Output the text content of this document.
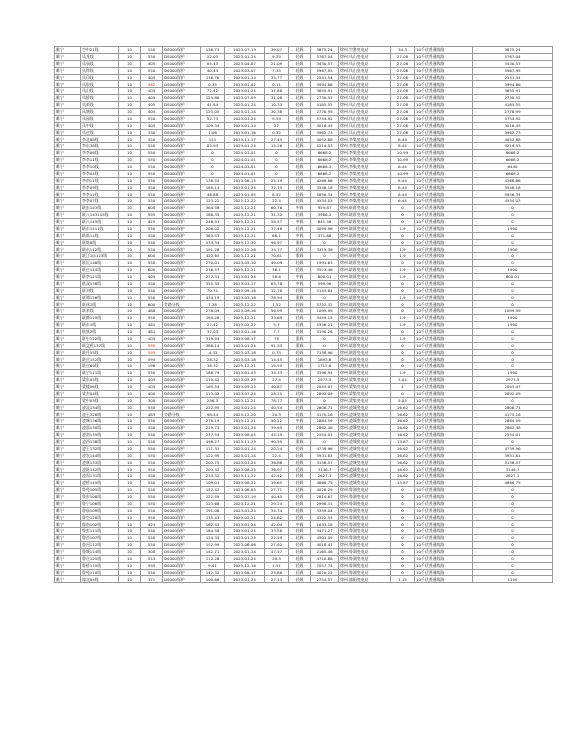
睢宁	空中21线	10	150	DS000保护	136.73	2023-07-13	39.07	轻载	3875.24	徐州.空港变电站	34.3	10千伏普通线路	3875.24
睢宁	凤龙线	10	550	DS000保护	52.03	2023-01-24	9.35	轻载	5767.04	徐州.凤山变电站	27.08	10千伏普通线路	5767.04
睢宁	凤庙线	10	405	DS000保护	85.43	2023-04-07	21.09	轻载	3430.57	徐州.凤山变电站	27.08	10千伏普通线路	3430.57
睢宁	凤徐线	10	550	DS000保护	40.43	2023-03-07	7.35	轻载	5967.95	徐州.凤山变电站	27.08	10千伏普通线路	5967.95
睢宁	凤印线	10	405	DS000保护	136.76	2023-01-24	33.77	轻载	2541.54	徐州.凤山变电站	27.08	10千伏普通线路	2541.54
睢宁	凤银线	10	462	DS000保护	0.35	2023-01-02	0.11	轻载	3994.86	徐州.凤山变电站	27.08	10千伏普通线路	3994.86
睢宁	凤山线	10	405	DS000保护	72.42	2023-01-24	17.88	轻载	3655.91	徐州.凤山变电站	27.08	10千伏普通线路	3655.91
睢宁	凤桥线	10	405	DS000保护	125.86	2023-07-09	31.08	轻载	2730.52	徐州.凤山变电站	27.08	10千伏普通线路	2730.52
睢宁	凤渠线	10	405	DS000保护	41.84	2023-01-24	10.33	轻载	4185.55	徐州.凤山变电站	27.08	10千伏普通线路	4185.55
睢宁	凤塘线	10	405	DS000保护	123.05	2023-01-24	30.38	轻载	2778.99	徐州.凤山变电站	27.08	10千伏普通线路	2778.99
睢宁	凤园线	10	550	DS000保护	52.73	2023-01-24	9.59	轻载	5754.92	徐州.凤山变电站	27.08	10千伏普通线路	5754.92
睢宁	凤中线	10	405	DS000保护	109.34	2023-01-24	27	轻载	3016.45	徐州.凤山变电站	27.08	10千伏普通线路	3016.45
睢宁	凤庄线	10	330	DS000保护	1.06	2023-01-16	0.32	轻载	3962.73	徐州.凤山变电站	27.08	10千伏普通线路	3962.73
睢宁	李北08线	10	550	DS000保护	151	2023-11-17	27.45	轻载	4052.88	徐州.李集变电站	6.44	10千伏普通线路	4052.88
睢宁	李东38线	10	550	DS000保护	83.93	2023-01-24	15.26	轻载	5214.53	徐州.李集变电站	6.44	10千伏普通线路	5214.53
睢宁	李李06线	10	550	DS000保护	0	2024-01-01	0	轻载	6668.2	徐州.李集变电站	10.99	10千伏普通线路	6668.2
睢宁	李李11线	10	550	DS000保护	0	2024-01-01	0	轻载	6668.2	徐州.李集变电站	10.99	10千伏普通线路	6668.2
睢宁	李李10线	10	550	DS000保护	0	2024-01-01	0	轻载	6668.2	徐州.李集变电站	6.44	10千伏普通线路	6440
睢宁	李李04线	10	550	DS000保护	0	2024-01-01	0	轻载	6668.2	徐州.李集变电站	10.99	10千伏普通线路	6668.2
睢宁	李南11线	10	550	DS000保护	138.53	2023-06-15	25.19	轻载	4268.86	徐州.李集变电站	6.44	10千伏普通线路	4268.86
睢宁	李李09线	10	550	DS000保护	180.14	2023-01-24	32.75	轻载	3548.18	徐州.李集变电站	6.44	10千伏普通线路	3548.18
睢宁	李李12线	10	550	DS000保护	46.88	2023-01-05	8.52	轻载	5856.34	徐州.李集变电站	6.44	10千伏普通线路	5856.34
睢宁	李李07线	10	550	DS000保护	123.22	2023-12-22	22.4	轻载	4534.03	徐州.李集变电站	6.44	10千伏普通线路	4534.03
睢宁	联东143线	10	600	DS000保护	364.58	2023-12-21	60.76	中载	959.87	徐州.联群变电站	0	10千伏普通线路	0
睢宁	联八143153线	10	595	DS000保护	186.35	2023-12-21	31.32	轻载	3986.2	徐州.联群变电站	0	10千伏普通线路	0
睢宁	联八145线	10	425	DS000保护	248.91	2023-12-21	58.57	中载	841.58	徐州.联群变电站	0	10千伏普通线路	0
睢宁	联东1511线	10	550	DS000保护	206.02	2023-12-21	37.46	轻载	3099.96	徐州.联群变电站	1.9	10千伏普通线路	1900
睢宁	联陈11线	10	550	DS000保护	363.53	2023-12-21	66.1	中载	371.86	徐州.联群变电站	0	10千伏普通线路	0
睢宁	联陈8线	10	550	DS000保护	533.34	2023-12-30	96.97	重载	0	徐州.联群变电站	0	10千伏普通线路	0
睢宁	联东112线	10	550	DS000保护	191.26	2023-12-26	34.77	轻载	3315.38	徐州.联群变电站	1.9	10千伏普通线路	1900
睢宁	联江1J5123线	10	600	DS000保护	423.65	2023-12-21	70.61	重载	0	徐州.联群变电站	1.9	10千伏普通线路	0
睢宁	联沉146线	10	550	DS000保护	270.01	2023-05-10	49.09	轻载	1991.63	徐州.联群变电站	0	10千伏普通线路	0
睢宁	联庄114线	10	600	DS000保护	216.57	2023-12-21	36.1	轻载	3523.46	徐州.联群变电站	1.9	10千伏普通线路	1900
睢宁	联李121线	10	405	DS000保护	237.31	2023-01-24	58.6	中载	800.01	徐州.联群变电站	1.9	10千伏普通线路	800.01
睢宁	联双138线	10	550	DS000保护	355.35	2023-03-17	63.78	中载	599.96	徐州.联群变电站	0	10千伏普通线路	0
睢宁	联刘线	10	550	DS000保护	70.31	2023-09-16	12.78	轻载	5143.84	徐州.联群变电站	0	10千伏普通线路	0
睢宁	联谭126线	10	550	DS000保护	434.19	2023-03-16	78.94	重载	0	徐州.联群变电站	1.9	10千伏普通线路	0
睢宁	联冰1线	10	600	旁路分线	7.38	2023-12-22	1.52	轻载	5752.32	徐州.联群变电站	0	10千伏普通线路	0
睢宁	联来线	10	488	DS000保护	278.09	2023-09-16	56.99	中载	1099.99	徐州.联群变电站	0	10千伏普通线路	1099.99
睢宁	联腾125线	10	550	DS000保护	185.28	2023-12-21	33.69	轻载	3459.15	徐州.联群变电站	1.9	10千伏普通线路	1900
睢宁	联东1线	10	481	DS000保护	27.42	2023-02-22	5.7	轻载	5356.21	徐州.联群变电站	1.9	10千伏普通线路	1900
睢宁	联凯2线	10	481	DS000保护	37.03	2023-01-16	7.7	轻载	5190.28	徐州.联群变电站	0	10千伏普通线路	0
睢宁	联中122线	10	405	DS000保护	319.93	2023-08-17	79	重载	0	徐州.联群变电站	1.9	10千伏普通线路	0
睢宁	联文机137线	10	595	DS000保护	388.14	2023-01-24	91.33	重载	0	徐州.联群变电站	0	10千伏普通线路	0
睢宁	联丹55线	10	595	DS000保护	-4.32	2023-03-18	0.73	轻载	7138.96	徐州.联群变电站	0	10千伏普通线路	0
睢宁	联庄152线	10	595	DS000保护	28.32	2023-03-18	14.45	轻载	1893.8	徐州.联群变电站	0	10千伏普通线路	0
睢宁	联庄69线	10	196	DS000保护	38.32	2023-12-21	19.55	轻载	1712.6	徐州.联群变电站	0	10千伏普通线路	0
睢宁	联宁111线	10	550	DS000保护	188.79	2023-01-03	34.33	轻载	3398.94	徐州.联群变电站	1.9	10千伏普通线路	1900
睢宁	梁东05线	10	405	DS000保护	110.42	2023-05-23	27.4	轻载	2973.5	徐州.梁集变电站	5.04	10千伏普通线路	2973.5
睢宁	梁楼06线	10	405	DS000保护	165.54	2023-05-25	40.87	轻载	2043.07	徐州.梁集变电站	4	10千伏普通线路	2043.07
睢宁	梁杰04线	10	400	DS000保护	113.02	2023-07-24	28.25	轻载	2892.09	徐州.梁集变电站	0	10千伏普通线路	2892.09
睢宁	梁中03线	10	300	DS000保护	236.3	2023-12-21	78.77	重载	0	徐州.梁集变电站	5.04	10千伏普通线路	0
睢宁	凌北134线	10	550	DS000保护	222.95	2023-01-24	40.54	轻载	2806.71	徐州.凌城变电站	16.62	10千伏普通线路	2806.71
睢宁	凌王226线	10	485	旁路分线	98.44	2023-12-20	20.3	轻载	4175.16	徐州.凌城变电站	16.62	10千伏普通线路	4175.16
睢宁	凌城136线	10	550	DS000保护	276.19	2023-12-21	50.22	中载	2884.59	徐州.凌城变电站	16.62	10千伏普通线路	2884.59
睢宁	凌邵130线	10	550	DS000保护	219.73	2023-01-24	39.95	轻载	2862.48	徐州.凌城变电站	16.62	10千伏普通线路	2862.48
睢宁	凌南135线	10	550	DS000保护	237.54	2023-08-05	43.19	轻载	2554.01	徐州.凌城变电站	16.62	10千伏普通线路	2554.01
睢宁	凌西138线	10	550	DS000保护	498.27	2023-11-23	90.59	重载	0	徐州.凌城变电站	13.87	10千伏普通线路	0
睢宁	凌王132线	10	550	DS000保护	111.33	2023-01-24	20.24	轻载	4739.96	徐州.凌城变电站	16.62	10千伏普通线路	4739.96
睢宁	凌农144线	10	550	DS000保护	122.99	2023-01-24	22.4	轻载	3931.81	徐州.凌城变电站	16.62	10千伏普通线路	3931.81
睢宁	凌康133线	10	550	DS000保护	202.75	2023-01-24	36.86	轻载	3156.57	徐州.凌城变电站	16.62	10千伏普通线路	3156.57
睢宁	凌陈142线	10	550	DS000保护	203.32	2023-08-25	36.97	轻载	3146.7	徐州.凌城变电站	16.62	10千伏普通线路	3146.7
睢宁	凌周131线	10	550	DS000保护	233.32	2023-11-22	42.42	轻载	2627.1	徐州.凌城变电站	16.62	10千伏普通线路	2627.1
睢宁	凌桥145线	10	550	DS000保护	109.01	2023-08-22	19.65	轻载	4866.75	徐州.凌城变电站	13.87	10千伏普通线路	4866.75
睢宁	鲁苑105线	10	550	DS000保护	152.42	2023-08-05	27.71	轻载	4028.29	徐州.鲁湖变电站	0	10千伏普通线路	0
睢宁	鲁东108线	10	550	DS000保护	222.49	2023-07-19	40.45	轻载	2814.67	徐州.鲁湖变电站	0	10千伏普通线路	0
睢宁	鲁宁106线	10	550	DS000保护	123.68	2023-12-21	29.24	轻载	2998.31	徐州.鲁湖变电站	0	10千伏普通线路	0
睢宁	鲁庙109线	10	550	DS000保护	191.06	2023-01-24	34.74	轻载	3359.04	徐州.鲁湖变电站	0	10千伏普通线路	0
睢宁	鲁空120线	10	550	DS000保护	135.43	2023-02-21	24.62	轻载	4322.55	徐州.鲁湖变电站	0	10千伏普通线路	0
睢宁	鲁南102线	10	423	DS000保护	162.43	2023-01-24	42.04	中载	1633.18	徐州.鲁湖变电站	0	10千伏普通线路	0
睢宁	鲁彭111线	10	550	DS000保护	184.58	2023-01-24	33.56	轻载	3471.27	徐州.鲁湖变电站	0	10千伏普通线路	0
睢宁	鲁西107线	10	550	DS000保护	124.35	2023-01-25	22.59	轻载	4501.09	徐州.鲁湖变电站	0	10千伏普通线路	0
睢宁	鲁河112线	10	550	DS000保护	152.99	2023-06-06	27.82	轻载	4018.41	徐州.鲁湖变电站	0	10千伏普通线路	0
睢宁	鲁城114线	10	300	DS000保护	142.71	2023-01-24	47.57	轻载	2165.46	徐州.鲁湖变电站	0	10千伏普通线路	0
睢宁	鲁庄125线	10	553	DS000保护	112.28	2023-01-24	20.3	轻载	4710.88	徐州.鲁湖变电站	0	10千伏普通线路	0
睢宁	鲁桥115线	10	595	DS000保护	9.01	2023-12-16	1.51	轻载	7057.74	徐州.鲁湖变电站	0	10千伏普通线路	0
睢宁	鲁苑110线	10	550	DS000保护	142.32	2023-08-17	25.88	轻载	4020.22	徐州.鲁湖变电站	0	10千伏普通线路	0
睢宁	潼北04线	10	371	DS000保护	100.66	2023-01-24	27.13	轻载	2754.57	徐州.潼阳变电站	1.15	10千伏普通线路	1150
